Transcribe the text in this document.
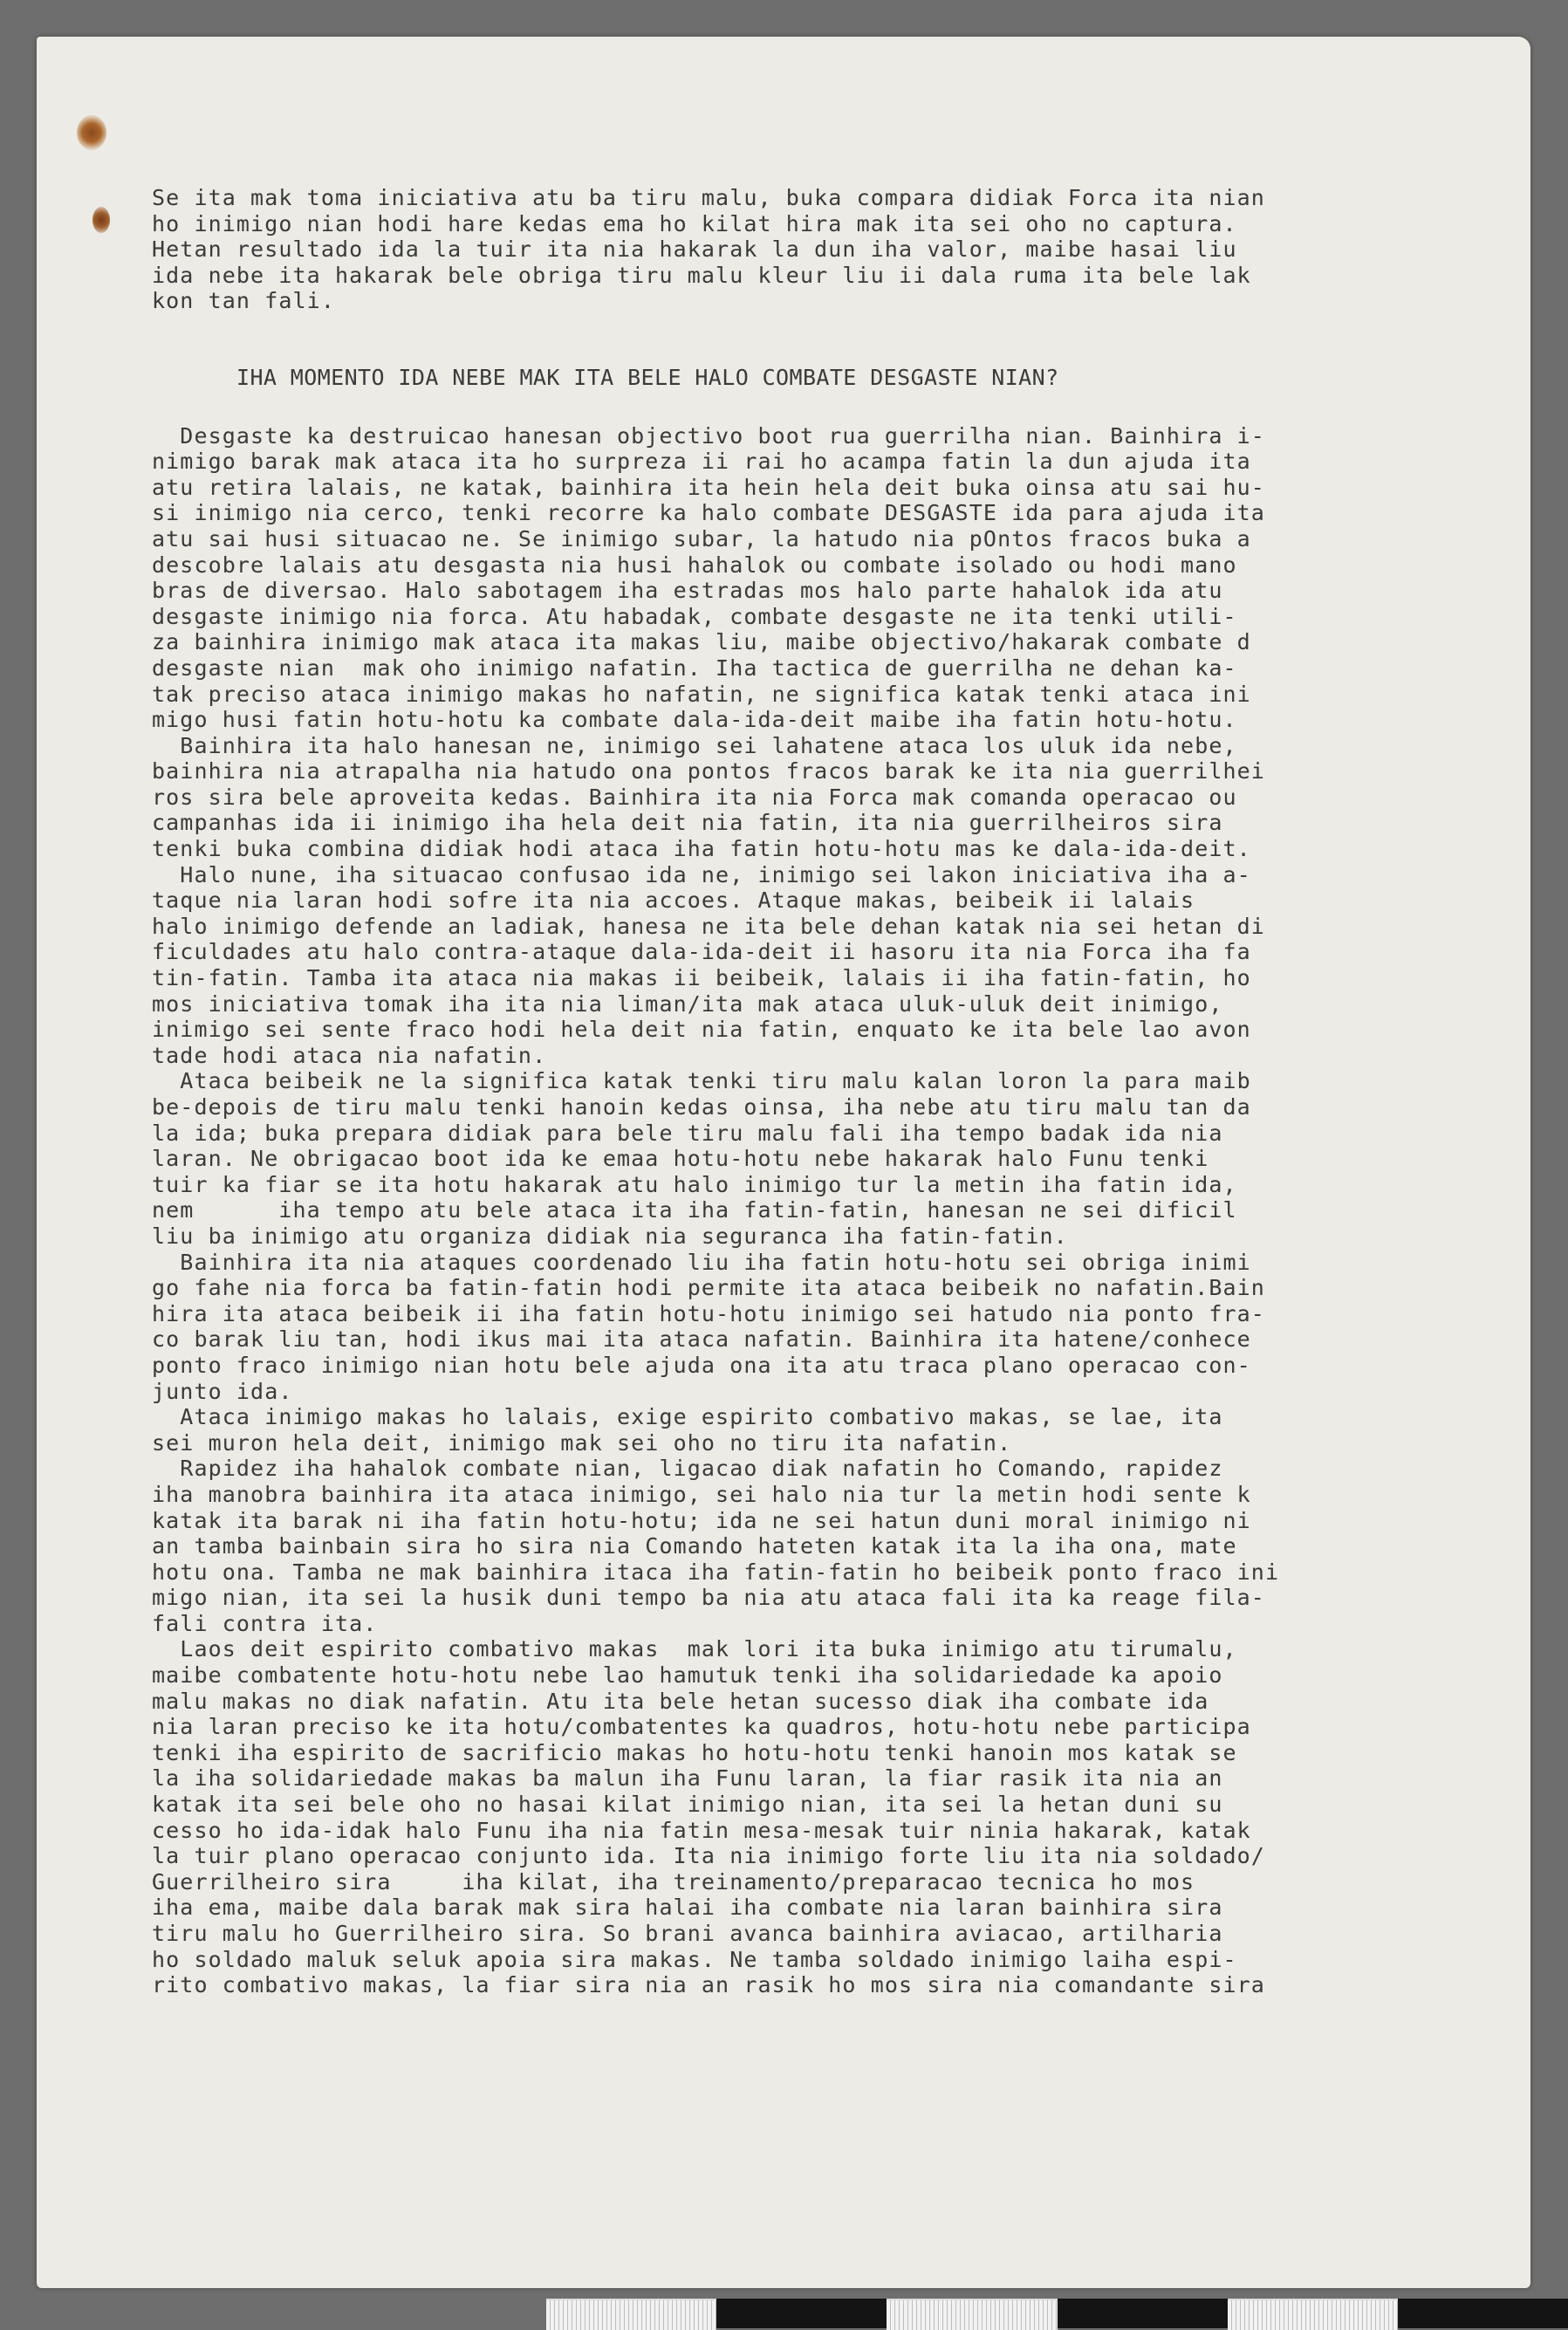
Se ita mak toma iniciativa atu ba tiru malu, buka compara didiak Forca ita nian
ho inimigo nian hodi hare kedas ema ho kilat hira mak ita sei oho no captura.
Hetan resultado ida la tuir ita nia hakarak la dun iha valor, maibe hasai liu
ida nebe ita hakarak bele obriga tiru malu kleur liu ii dala ruma ita bele lak
kon tan fali.
IHA MOMENTO IDA NEBE MAK ITA BELE HALO COMBATE DESGASTE NIAN?
Desgaste ka destruicao hanesan objectivo boot rua guerrilha nian. Bainhira i-
nimigo barak mak ataca ita ho surpreza ii rai ho acampa fatin la dun ajuda ita
atu retira lalais, ne katak, bainhira ita hein hela deit buka oinsa atu sai hu-
si inimigo nia cerco, tenki recorre ka halo combate DESGASTE ida para ajuda ita
atu sai husi situacao ne. Se inimigo subar, la hatudo nia pOntos fracos buka a
descobre lalais atu desgasta nia husi hahalok ou combate isolado ou hodi mano
bras de diversao. Halo sabotagem iha estradas mos halo parte hahalok ida atu
desgaste inimigo nia forca. Atu habadak, combate desgaste ne ita tenki utili-
za bainhira inimigo mak ataca ita makas liu, maibe objectivo/hakarak combate d
desgaste nian  mak oho inimigo nafatin. Iha tactica de guerrilha ne dehan ka-
tak preciso ataca inimigo makas ho nafatin, ne significa katak tenki ataca ini
migo husi fatin hotu-hotu ka combate dala-ida-deit maibe iha fatin hotu-hotu.
Bainhira ita halo hanesan ne, inimigo sei lahatene ataca los uluk ida nebe,
bainhira nia atrapalha nia hatudo ona pontos fracos barak ke ita nia guerrilhei
ros sira bele aproveita kedas. Bainhira ita nia Forca mak comanda operacao ou
campanhas ida ii inimigo iha hela deit nia fatin, ita nia guerrilheiros sira
tenki buka combina didiak hodi ataca iha fatin hotu-hotu mas ke dala-ida-deit.
Halo nune, iha situacao confusao ida ne, inimigo sei lakon iniciativa iha a-
taque nia laran hodi sofre ita nia accoes. Ataque makas, beibeik ii lalais
halo inimigo defende an ladiak, hanesa ne ita bele dehan katak nia sei hetan di
ficuldades atu halo contra-ataque dala-ida-deit ii hasoru ita nia Forca iha fa
tin-fatin. Tamba ita ataca nia makas ii beibeik, lalais ii iha fatin-fatin, ho
mos iniciativa tomak iha ita nia liman/ita mak ataca uluk-uluk deit inimigo,
inimigo sei sente fraco hodi hela deit nia fatin, enquato ke ita bele lao avon
tade hodi ataca nia nafatin.
Ataca beibeik ne la significa katak tenki tiru malu kalan loron la para maib
be-depois de tiru malu tenki hanoin kedas oinsa, iha nebe atu tiru malu tan da
la ida; buka prepara didiak para bele tiru malu fali iha tempo badak ida nia
laran. Ne obrigacao boot ida ke emaa hotu-hotu nebe hakarak halo Funu tenki
tuir ka fiar se ita hotu hakarak atu halo inimigo tur la metin iha fatin ida,
nem      iha tempo atu bele ataca ita iha fatin-fatin, hanesan ne sei dificil
liu ba inimigo atu organiza didiak nia seguranca iha fatin-fatin.
Bainhira ita nia ataques coordenado liu iha fatin hotu-hotu sei obriga inimi
go fahe nia forca ba fatin-fatin hodi permite ita ataca beibeik no nafatin.Bain
hira ita ataca beibeik ii iha fatin hotu-hotu inimigo sei hatudo nia ponto fra-
co barak liu tan, hodi ikus mai ita ataca nafatin. Bainhira ita hatene/conhece
ponto fraco inimigo nian hotu bele ajuda ona ita atu traca plano operacao con-
junto ida.
Ataca inimigo makas ho lalais, exige espirito combativo makas, se lae, ita
sei muron hela deit, inimigo mak sei oho no tiru ita nafatin.
Rapidez iha hahalok combate nian, ligacao diak nafatin ho Comando, rapidez
iha manobra bainhira ita ataca inimigo, sei halo nia tur la metin hodi sente k
katak ita barak ni iha fatin hotu-hotu; ida ne sei hatun duni moral inimigo ni
an tamba bainbain sira ho sira nia Comando hateten katak ita la iha ona, mate
hotu ona. Tamba ne mak bainhira itaca iha fatin-fatin ho beibeik ponto fraco ini
migo nian, ita sei la husik duni tempo ba nia atu ataca fali ita ka reage fila-
fali contra ita.
Laos deit espirito combativo makas  mak lori ita buka inimigo atu tirumalu,
maibe combatente hotu-hotu nebe lao hamutuk tenki iha solidariedade ka apoio
malu makas no diak nafatin. Atu ita bele hetan sucesso diak iha combate ida
nia laran preciso ke ita hotu/combatentes ka quadros, hotu-hotu nebe participa
tenki iha espirito de sacrificio makas ho hotu-hotu tenki hanoin mos katak se
la iha solidariedade makas ba malun iha Funu laran, la fiar rasik ita nia an
katak ita sei bele oho no hasai kilat inimigo nian, ita sei la hetan duni su
cesso ho ida-idak halo Funu iha nia fatin mesa-mesak tuir ninia hakarak, katak
la tuir plano operacao conjunto ida. Ita nia inimigo forte liu ita nia soldado/
Guerrilheiro sira     iha kilat, iha treinamento/preparacao tecnica ho mos
iha ema, maibe dala barak mak sira halai iha combate nia laran bainhira sira
tiru malu ho Guerrilheiro sira. So brani avanca bainhira aviacao, artilharia
ho soldado maluk seluk apoia sira makas. Ne tamba soldado inimigo laiha espi-
rito combativo makas, la fiar sira nia an rasik ho mos sira nia comandante sira
